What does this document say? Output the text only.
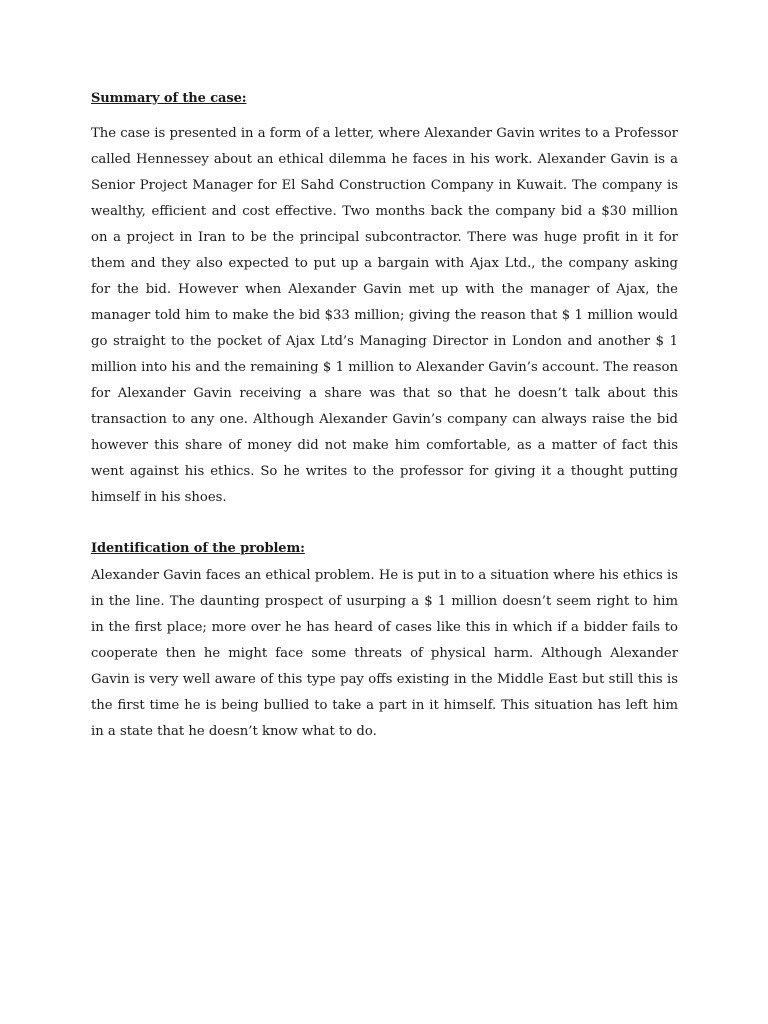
Summary of the case:

The case is presented in a form of a letter, where Alexander Gavin writes to a Professor called Hennessey about an ethical dilemma he faces in his work. Alexander Gavin is a Senior Project Manager for El Sahd Construction Company in Kuwait. The company is wealthy, efficient and cost effective. Two months back the company bid a $30 million on a project in Iran to be the principal subcontractor. There was huge profit in it for them and they also expected to put up a bargain with Ajax Ltd., the company asking for the bid. However when Alexander Gavin met up with the manager of Ajax, the manager told him to make the bid $33 million; giving the reason that $ 1 million would go straight to the pocket of Ajax Ltd’s Managing Director in London and another $ 1 million into his and the remaining $ 1 million to Alexander Gavin’s account. The reason for Alexander Gavin receiving a share was that so that he doesn’t talk about this transaction to any one. Although Alexander Gavin’s company can always raise the bid however this share of money did not make him comfortable, as a matter of fact this went against his ethics. So he writes to the professor for giving it a thought putting himself in his shoes.

Identification of the problem:

Alexander Gavin faces an ethical problem. He is put in to a situation where his ethics is in the line. The daunting prospect of usurping a $ 1 million doesn’t seem right to him in the first place; more over he has heard of cases like this in which if a bidder fails to cooperate then he might face some threats of physical harm. Although Alexander Gavin is very well aware of this type pay offs existing in the Middle East but still this is the first time he is being bullied to take a part in it himself. This situation has left him in a state that he doesn’t know what to do.
